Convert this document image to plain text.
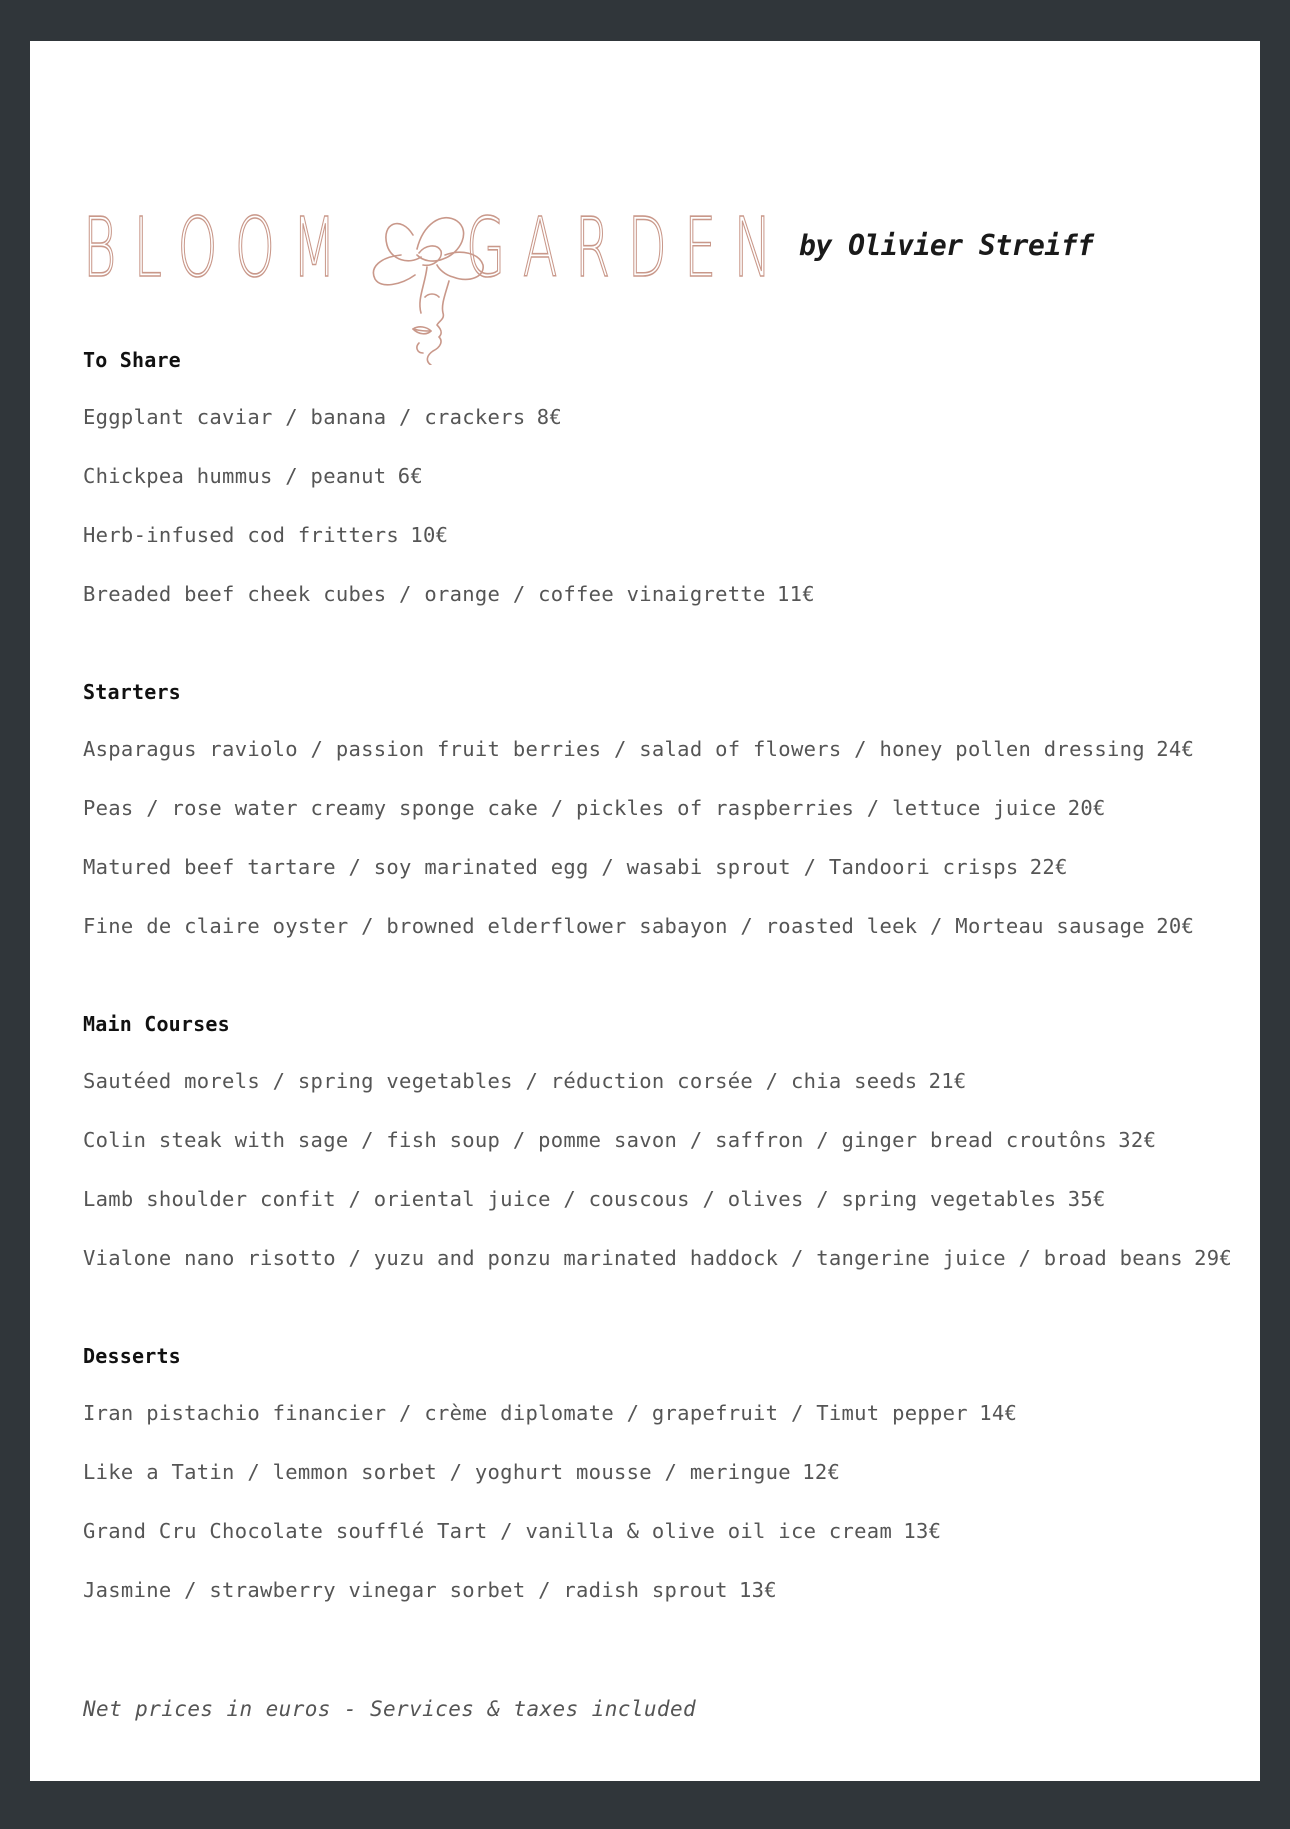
BLOOM GARDEN by Olivier Streiff
To Share
Eggplant caviar / banana / crackers 8€
Chickpea hummus / peanut 6€
Herb-infused cod fritters 10€
Breaded beef cheek cubes / orange / coffee vinaigrette 11€
Starters
Asparagus raviolo / passion fruit berries / salad of flowers / honey pollen dressing 24€
Peas / rose water creamy sponge cake / pickles of raspberries / lettuce juice 20€
Matured beef tartare / soy marinated egg / wasabi sprout / Tandoori crisps 22€
Fine de claire oyster / browned elderflower sabayon / roasted leek / Morteau sausage 20€
Main Courses
Sautéed morels / spring vegetables / réduction corsée / chia seeds 21€
Colin steak with sage / fish soup / pomme savon / saffron / ginger bread croutôns 32€
Lamb shoulder confit / oriental juice / couscous / olives / spring vegetables 35€
Vialone nano risotto / yuzu and ponzu marinated haddock / tangerine juice / broad beans 29€
Desserts
Iran pistachio financier / crème diplomate / grapefruit / Timut pepper 14€
Like a Tatin / lemmon sorbet / yoghurt mousse / meringue 12€
Grand Cru Chocolate soufflé Tart / vanilla & olive oil ice cream 13€
Jasmine / strawberry vinegar sorbet / radish sprout 13€
Net prices in euros - Services & taxes included
